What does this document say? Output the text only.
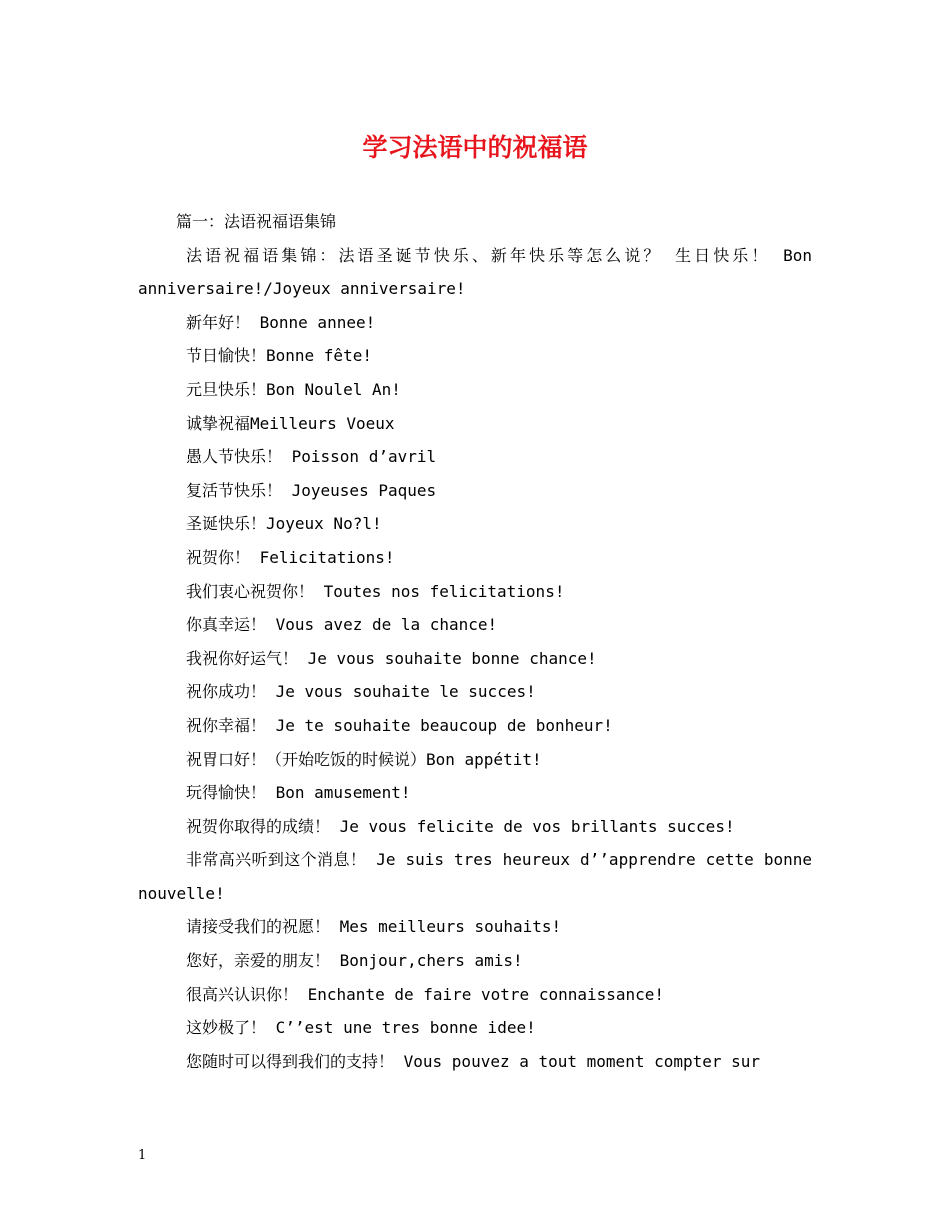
学习法语中的祝福语

篇一：法语祝福语集锦

法语祝福语集锦：法语圣诞节快乐、新年快乐等怎么说？ 生日快乐！ Bon anniversaire!/Joyeux anniversaire!

新年好！ Bonne annee!

节日愉快！Bonne fête!

元旦快乐！Bon Noulel An!

诚挚祝福Meilleurs Voeux

愚人节快乐！ Poisson d’avril

复活节快乐！ Joyeuses Paques

圣诞快乐！Joyeux No?l!

祝贺你！ Felicitations!

我们衷心祝贺你！ Toutes nos felicitations!

你真幸运！ Vous avez de la chance!

我祝你好运气！ Je vous souhaite bonne chance!

祝你成功！ Je vous souhaite le succes!

祝你幸福！ Je te souhaite beaucoup de bonheur!

祝胃口好！（开始吃饭的时候说）Bon appétit!

玩得愉快！ Bon amusement!

祝贺你取得的成绩！ Je vous felicite de vos brillants succes!

非常高兴听到这个消息！ Je suis tres heureux d’’apprendre cette bonne nouvelle!

请接受我们的祝愿！ Mes meilleurs souhaits!

您好，亲爱的朋友！ Bonjour,chers amis!

很高兴认识你！ Enchante de faire votre connaissance!

这妙极了！ C’’est une tres bonne idee!

您随时可以得到我们的支持！ Vous pouvez a tout moment compter sur

1
